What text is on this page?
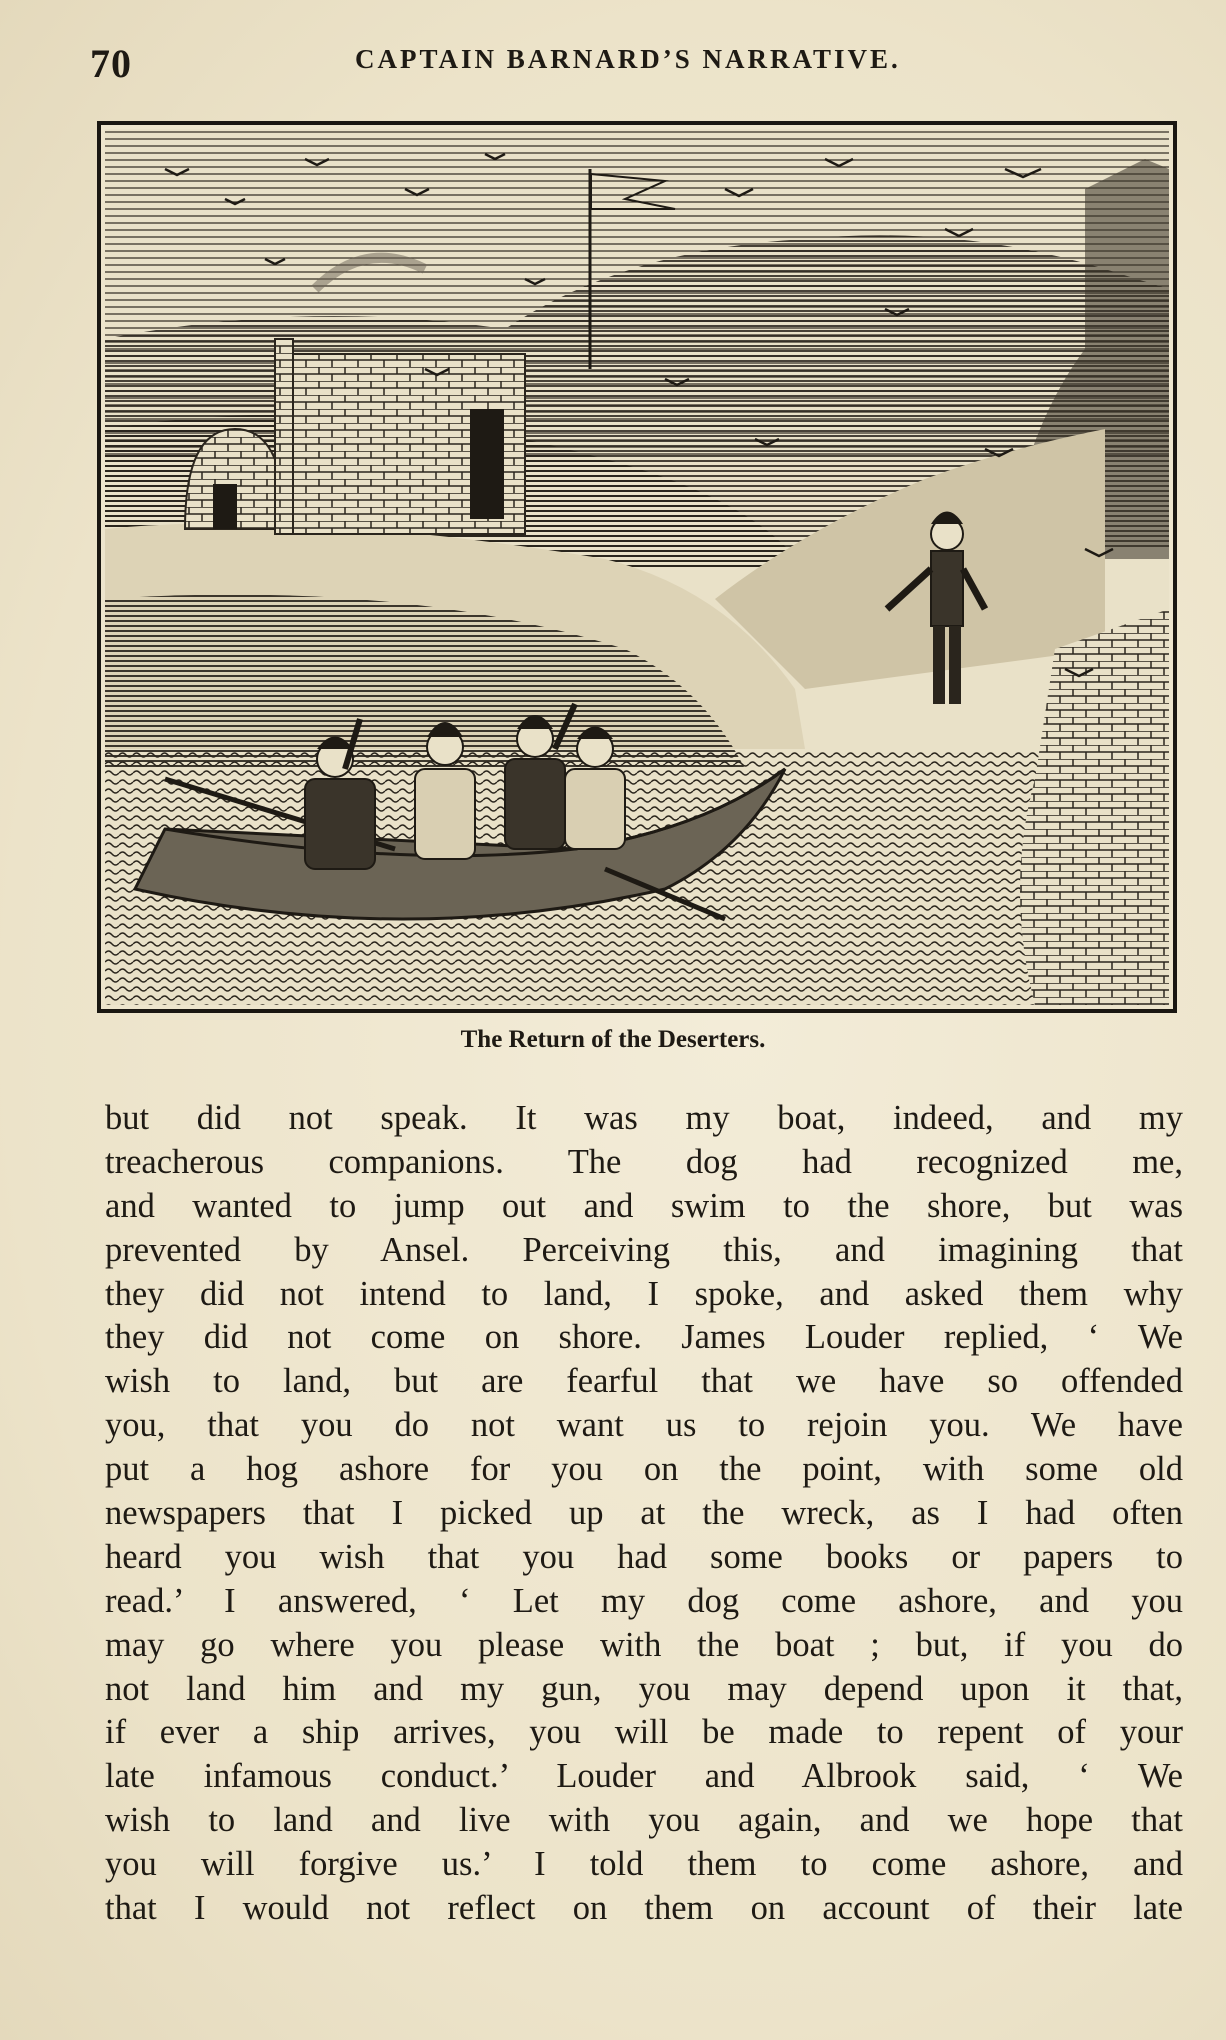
70	CAPTAIN BARNARD’S NARRATIVE.
The Return of the Deserters.
but did not speak. It was my boat, indeed, and my
treacherous companions. The dog had recognized me,
and wanted to jump out and swim to the shore, but was
prevented by Ansel. Perceiving this, and imagining that
they did not intend to land, I spoke, and asked them why
they did not come on shore. James Louder replied, ‘ We
wish to land, but are fearful that we have so offended
you, that you do not want us to rejoin you. We have
put a hog ashore for you on the point, with some old
newspapers that I picked up at the wreck, as I had often
heard you wish that you had some books or papers to
read.’ I answered, ‘ Let my dog come ashore, and you
may go where you please with the boat ; but, if you do
not land him and my gun, you may depend upon it that,
if ever a ship arrives, you will be made to repent of your
late infamous conduct.’ Louder and Albrook said, ‘ We
wish to land and live with you again, and we hope that
you will forgive us.’ I told them to come ashore, and
that I would not reflect on them on account of their late
